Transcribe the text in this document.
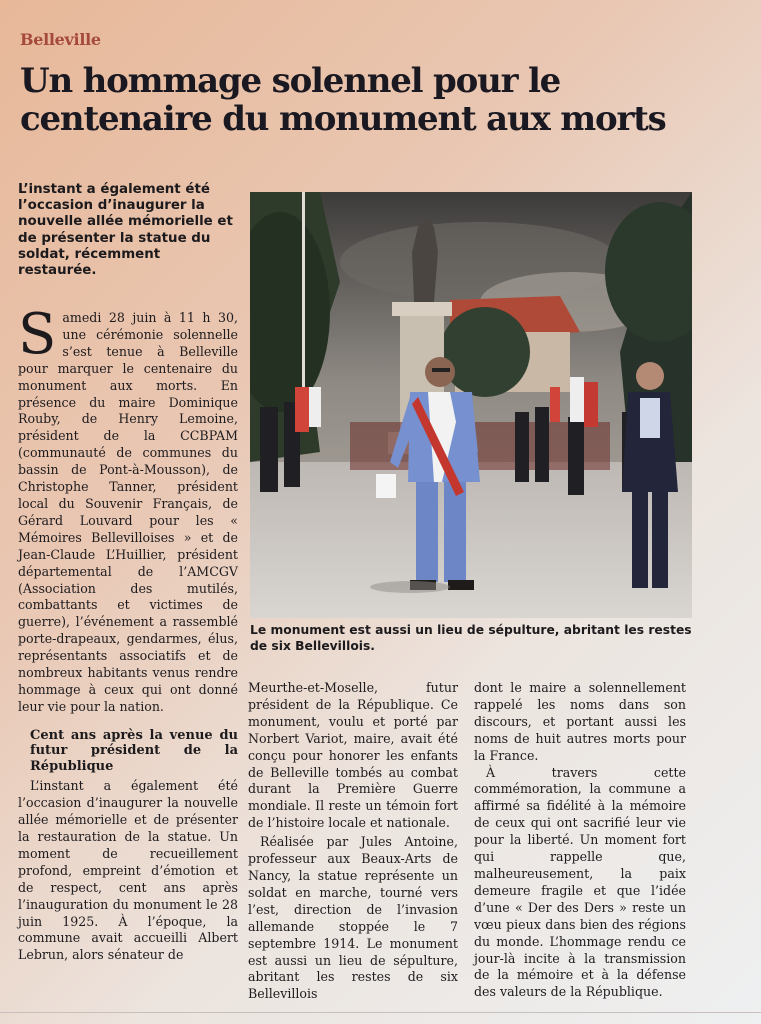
Belleville
Un hommage solennel pour le centenaire du monument aux morts
L’instant a également été l’occasion d’inaugurer la nouvelle allée mémorielle et de présenter la statue du soldat, récemment restaurée.

Samedi 28 juin à 11 h 30, une cérémonie solennelle s’est tenue à Belleville pour marquer le centenaire du monument aux morts. En présence du maire Dominique Rouby, de Henry Lemoine, président de la CCBPAM (communauté de communes du bassin de Pont-à-Mousson), de Christophe Tanner, président local du Souvenir Français, de Gérard Louvard pour les « Mémoires Bellevilloises » et de Jean-Claude L’Huillier, président départemental de l’AMCGV (Association des mutilés, combattants et victimes de guerre), l’événement a rassemblé porte-drapeaux, gendarmes, élus, représentants associatifs et de nombreux habitants venus rendre hommage à ceux qui ont donné leur vie pour la nation.

Cent ans après la venue du futur président de la République

L’instant a également été l’occasion d’inaugurer la nouvelle allée mémorielle et de présenter la restauration de la statue. Un moment de recueillement profond, empreint d’émotion et de respect, cent ans après l’inauguration du monument le 28 juin 1925. À l’époque, la commune avait accueilli Albert Lebrun, alors sénateur de

Le monument est aussi un lieu de sépulture, abritant les restes de six Bellevillois.

Meurthe-et-Moselle, futur président de la République. Ce monument, voulu et porté par Norbert Variot, maire, avait été conçu pour honorer les enfants de Belleville tombés au combat durant la Première Guerre mondiale. Il reste un témoin fort de l’histoire locale et nationale.

Réalisée par Jules Antoine, professeur aux Beaux-Arts de Nancy, la statue représente un soldat en marche, tourné vers l’est, direction de l’invasion allemande stoppée le 7 septembre 1914. Le monument est aussi un lieu de sépulture, abritant les restes de six Bellevillois

dont le maire a solennellement rappelé les noms dans son discours, et portant aussi les noms de huit autres morts pour la France.

À travers cette commémoration, la commune a affirmé sa fidélité à la mémoire de ceux qui ont sacrifié leur vie pour la liberté. Un moment fort qui rappelle que, malheureusement, la paix demeure fragile et que l’idée d’une « Der des Ders » reste un vœu pieux dans bien des régions du monde. L’hommage rendu ce jour-là incite à la transmission de la mémoire et à la défense des valeurs de la République.
